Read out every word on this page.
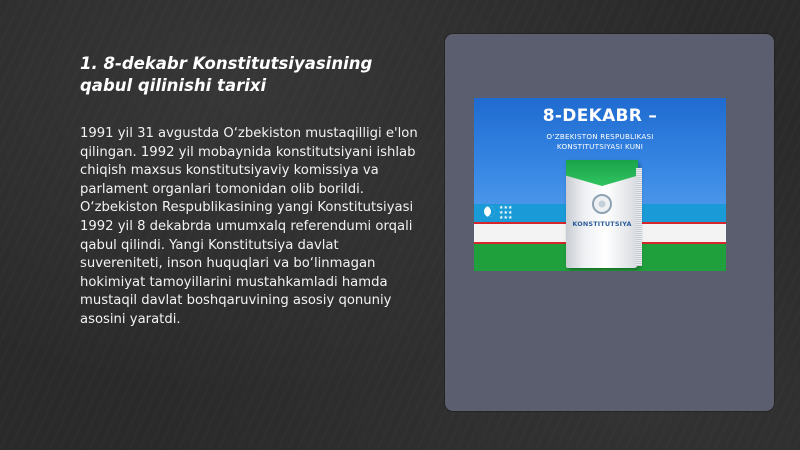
1. 8-dekabr Konstitutsiyasining qabul qilinishi tarixi

1991 yil 31 avgustda O‘zbekiston mustaqilligi e'lon qilingan. 1992 yil mobaynida konstitutsiyani ishlab chiqish maxsus konstitutsiyaviy komissiya va parlament organlari tomonidan olib borildi. O‘zbekiston Respublikasining yangi Konstitutsiyasi 1992 yil 8 dekabrda umumxalq referendumi orqali qabul qilindi. Yangi Konstitutsiya davlat suvereniteti, inson huquqlari va bo‘linmagan hokimiyat tamoyillarini mustahkamladi hamda mustaqil davlat boshqaruvining asosiy qonuniy asosini yaratdi.

8-DEKABR –
O‘ZBEKISTON RESPUBLIKASI
KONSTITUTSIYASI KUNI
★★★
★★★
★★★
KONSTITUTSIYA
